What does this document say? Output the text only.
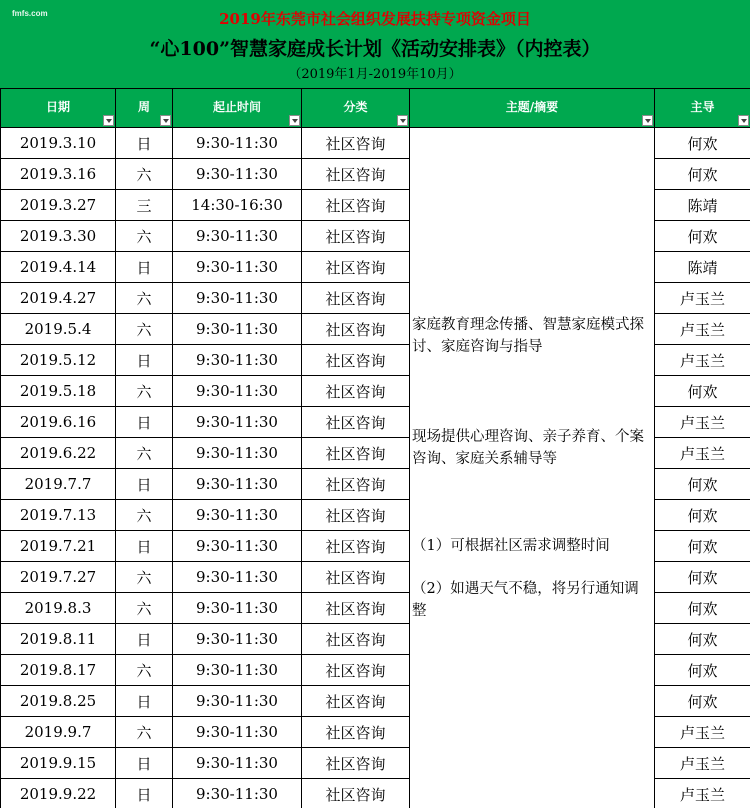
fmfs.com	2019年东莞市社会组织发展扶持专项资金项目
“心100”智慧家庭成长计划《活动安排表》（内控表）
（2019年1月-2019年10月）
日期	周	起止时间	分类	主题/摘要	主导

2019.3.10	日	9:30-11:30	社区咨询		何欢
2019.3.16	六	9:30-11:30	社区咨询		何欢
2019.3.27	三	14:30-16:30	社区咨询		陈靖
2019.3.30	六	9:30-11:30	社区咨询		何欢
2019.4.14	日	9:30-11:30	社区咨询		陈靖
2019.4.27	六	9:30-11:30	社区咨询		卢玉兰
2019.5.4	六	9:30-11:30	社区咨询		卢玉兰
2019.5.12	日	9:30-11:30	社区咨询		卢玉兰
2019.5.18	六	9:30-11:30	社区咨询		何欢
2019.6.16	日	9:30-11:30	社区咨询		卢玉兰
2019.6.22	六	9:30-11:30	社区咨询		卢玉兰
2019.7.7	日	9:30-11:30	社区咨询		何欢
2019.7.13	六	9:30-11:30	社区咨询		何欢
2019.7.21	日	9:30-11:30	社区咨询		何欢
2019.7.27	六	9:30-11:30	社区咨询		何欢
2019.8.3	六	9:30-11:30	社区咨询		何欢
2019.8.11	日	9:30-11:30	社区咨询		何欢
2019.8.17	六	9:30-11:30	社区咨询		何欢
2019.8.25	日	9:30-11:30	社区咨询		何欢
2019.9.7	六	9:30-11:30	社区咨询		卢玉兰
2019.9.15	日	9:30-11:30	社区咨询		卢玉兰
2019.9.22	日	9:30-11:30	社区咨询		卢玉兰
家庭教育理念传播、智慧家庭模式探讨、家庭咨询与指导
现场提供心理咨询、亲子养育、个案咨询、家庭关系辅导等
（1）可根据社区需求调整时间
（2）如遇天气不稳，将另行通知调整
